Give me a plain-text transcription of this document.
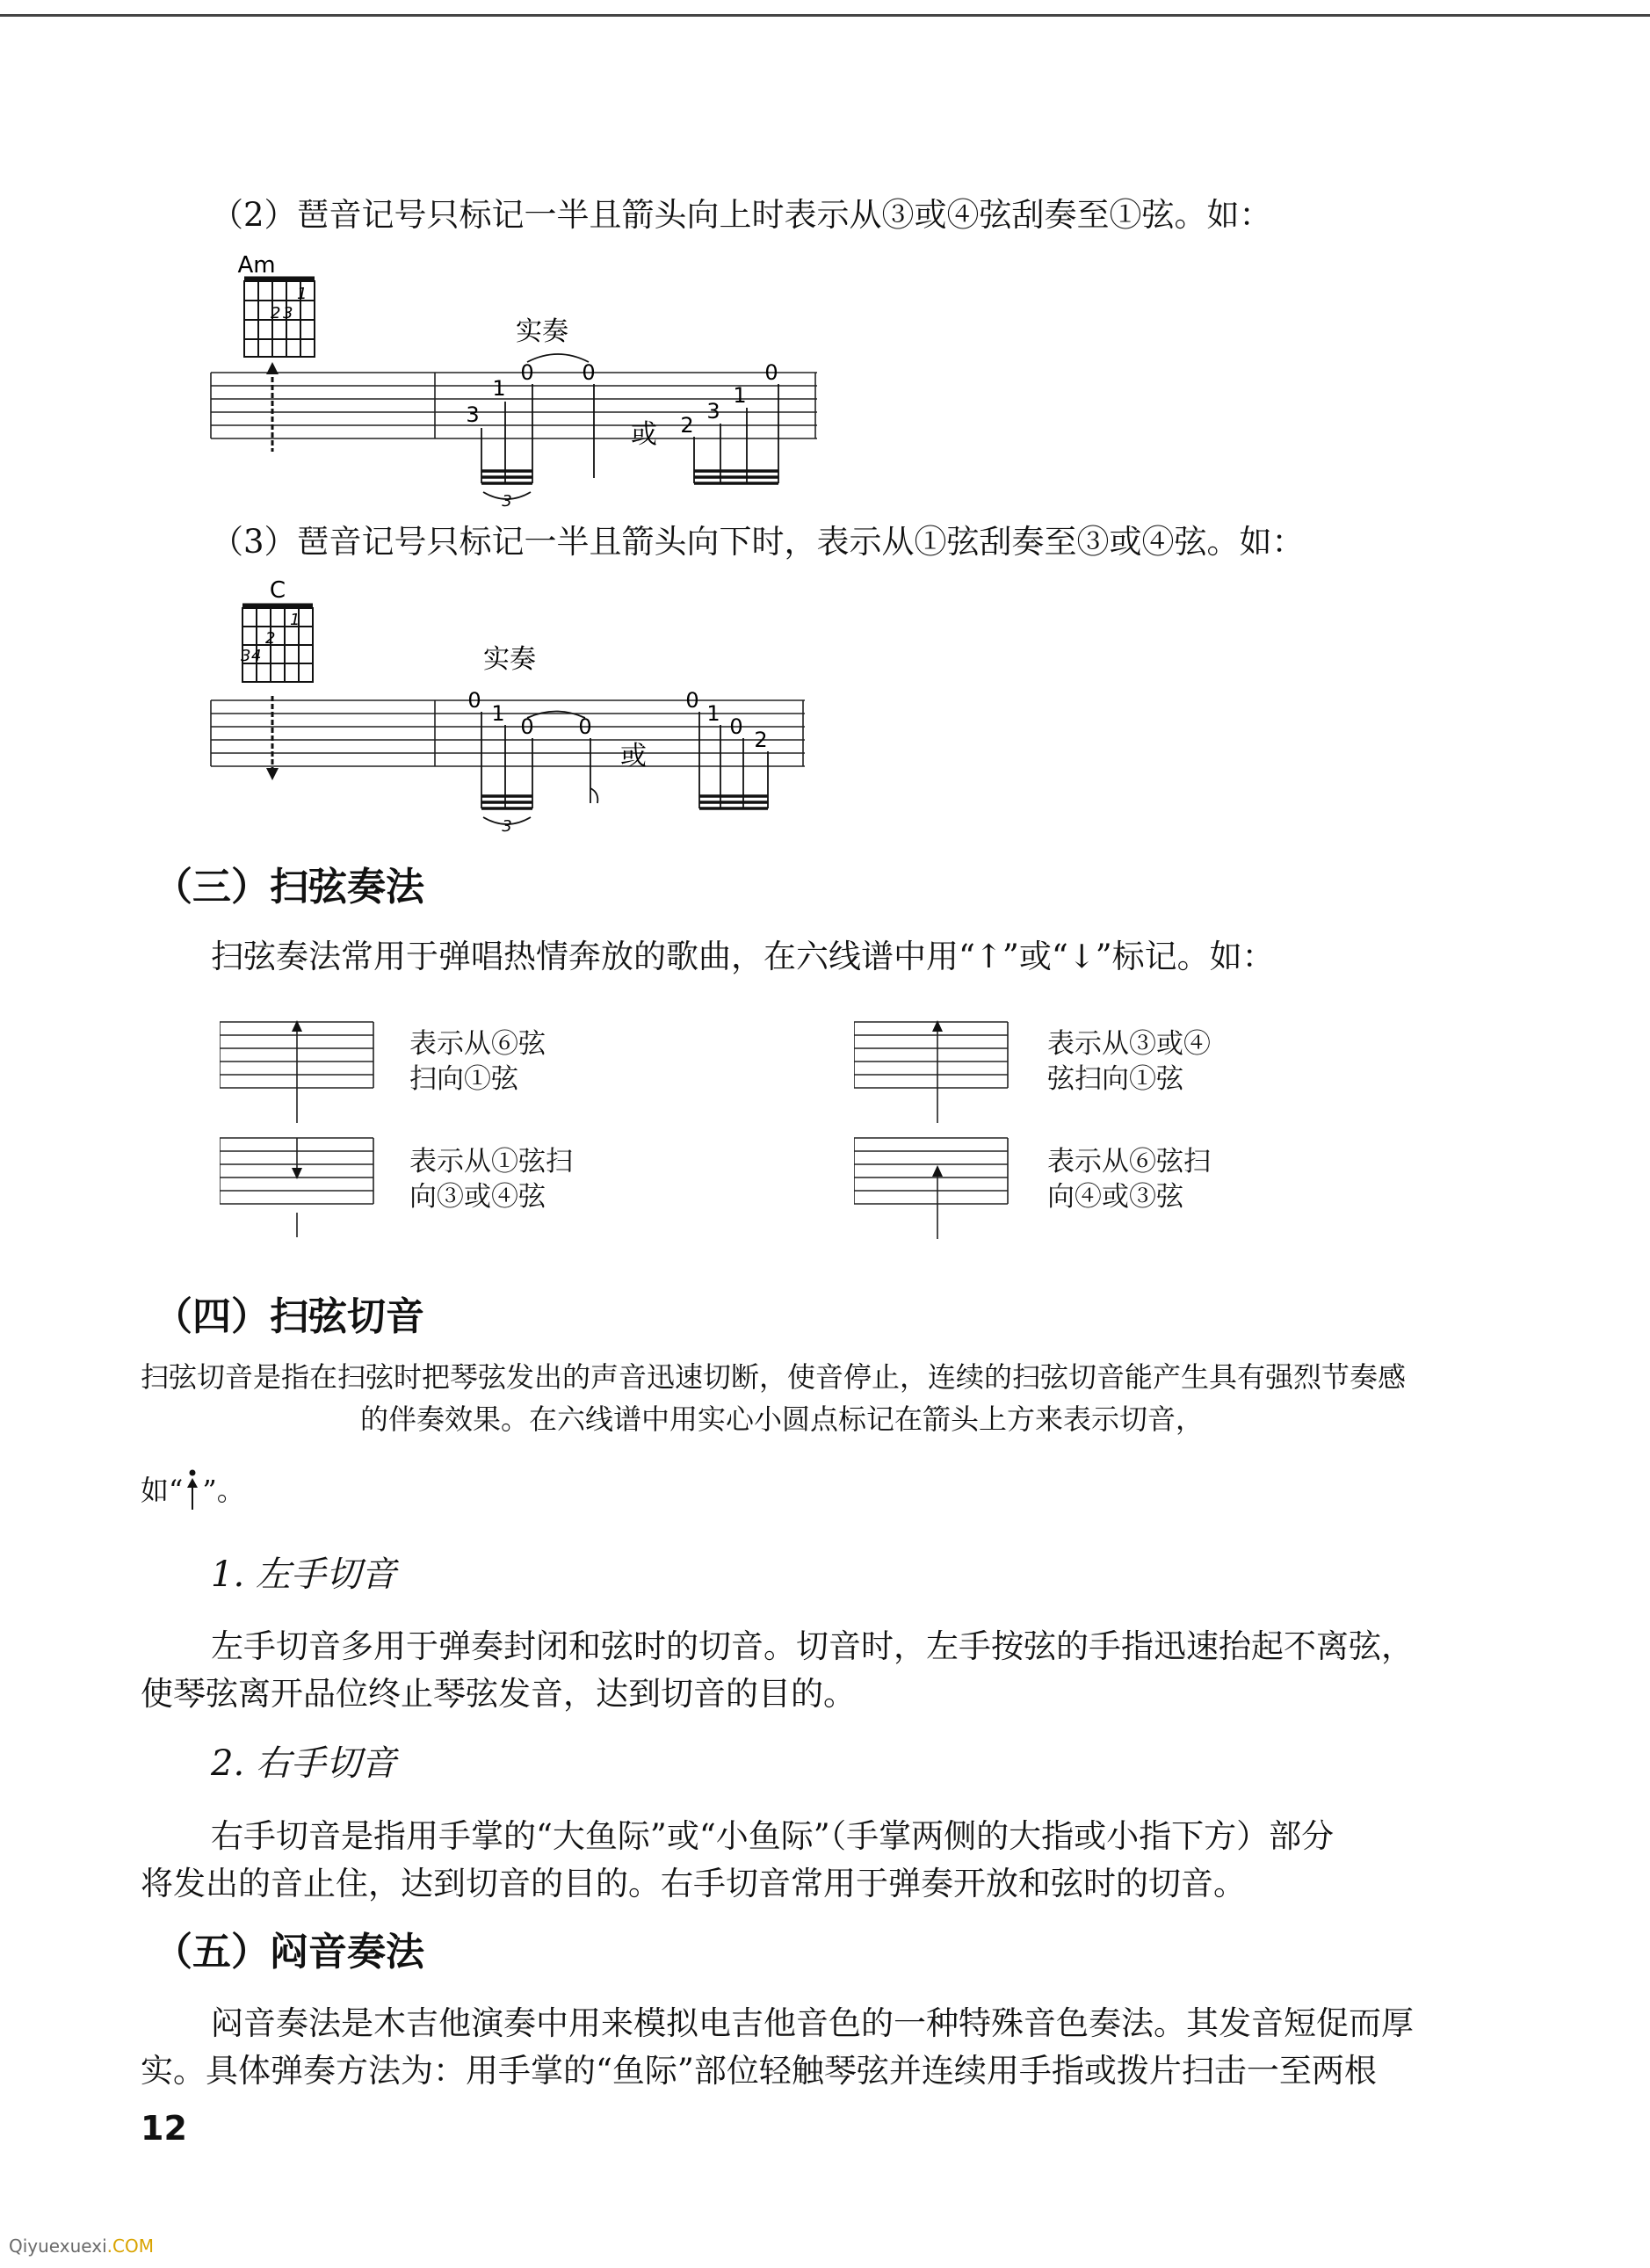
（2）琶音记号只标记一半且箭头向上时表示从③或④弦刮奏至①弦。如：
Am
1
2 3
实奏
3
1
0 0
2
3
1
0
或
3
（3）琶音记号只标记一半且箭头向下时，表示从①弦刮奏至③或④弦。如：
C
1
2
3 4	实奏
0
1
0 0
0
1
0
2
或
3
（三）扫弦奏法
扫弦奏法常用于弹唱热情奔放的歌曲，在六线谱中用“↑”或“↓”标记。如：
表示从⑥弦
扫向①弦
表示从③或④
弦扫向①弦
表示从①弦扫
向③或④弦
表示从⑥弦扫
向④或③弦
（四）扫弦切音
扫弦切音是指在扫弦时把琴弦发出的声音迅速切断，使音停止，连续的扫弦切音能产生具有强烈节奏感
的伴奏效果。在六线谱中用实心小圆点标记在箭头上方来表示切音，
如“ ”。
1. 左手切音
左手切音多用于弹奏封闭和弦时的切音。切音时，左手按弦的手指迅速抬起不离弦，
使琴弦离开品位终止琴弦发音，达到切音的目的。
2. 右手切音
右手切音是指用手掌的“大鱼际”或“小鱼际”（手掌两侧的大指或小指下方）部分
将发出的音止住，达到切音的目的。右手切音常用于弹奏开放和弦时的切音。
（五）闷音奏法
闷音奏法是木吉他演奏中用来模拟电吉他音色的一种特殊音色奏法。其发音短促而厚
实。具体弹奏方法为：用手掌的“鱼际”部位轻触琴弦并连续用手指或拨片扫击一至两根
12
Qiyuexuexi.COM
